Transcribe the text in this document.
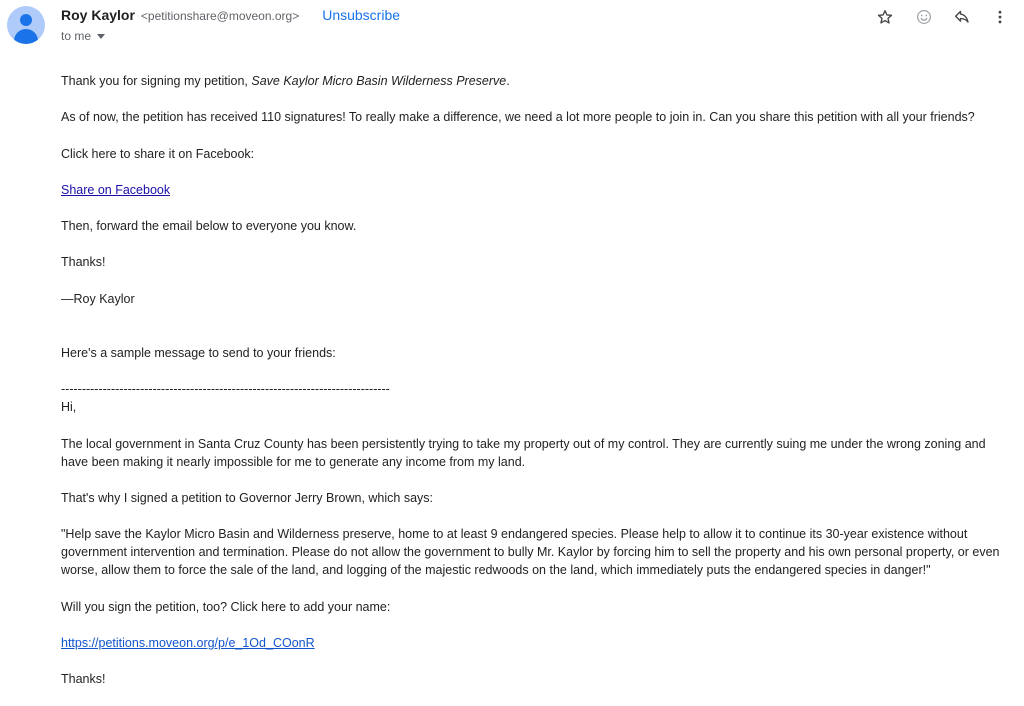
Roy Kaylor <petitionshare@moveon.org> Unsubscribe
to me

Thank you for signing my petition, Save Kaylor Micro Basin Wilderness Preserve.

As of now, the petition has received 110 signatures! To really make a difference, we need a lot more people to join in. Can you share this petition with all your friends?

Click here to share it on Facebook:

Share on Facebook

Then, forward the email below to everyone you know.

Thanks!

—Roy Kaylor

Here's a sample message to send to your friends:

-------------------------------------------------------------------------------

Hi,

The local government in Santa Cruz County has been persistently trying to take my property out of my control. They are currently suing me under the wrong zoning and have been making it nearly impossible for me to generate any income from my land.

That's why I signed a petition to Governor Jerry Brown, which says:

"Help save the Kaylor Micro Basin and Wilderness preserve, home to at least 9 endangered species. Please help to allow it to continue its 30-year existence without government intervention and termination. Please do not allow the government to bully Mr. Kaylor by forcing him to sell the property and his own personal property, or even worse, allow them to force the sale of the land, and logging of the majestic redwoods on the land, which immediately puts the endangered species in danger!"

Will you sign the petition, too? Click here to add your name:

https://petitions.moveon.org/p/e_1Od_COonR

Thanks!
